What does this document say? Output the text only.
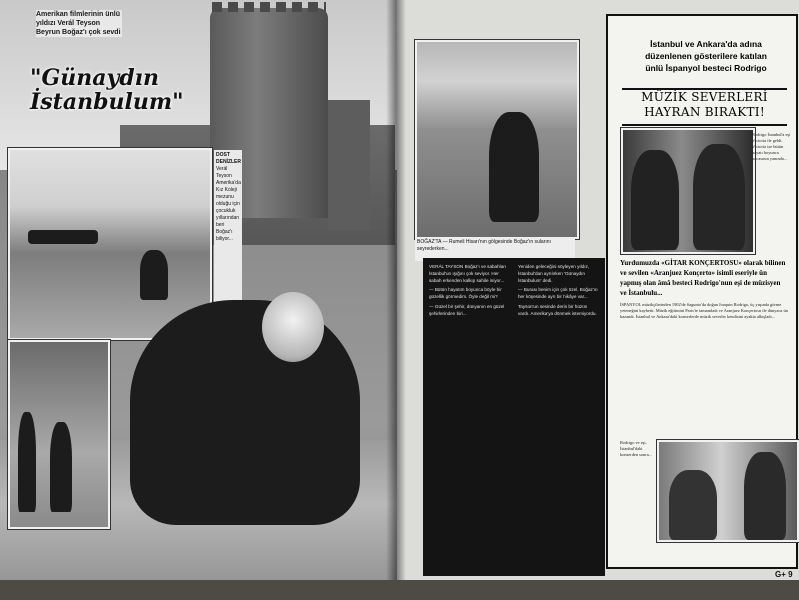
Amerikan filmlerinin ünlü yıldızı Verál Teyson Beyrun Boğaz'ı çok sevdi
"Günaydın
İstanbulum"
DOST DENİZLER
Verál Teyson Amerika'da Kız Koleji mezunu olduğu için çocukluk yıllarından beri Boğaz'ı biliyor...	BOĞAZ'TA — Rumeli Hisarı'nın gölgesinde Boğaz'ın sularını seyrederken...

VERÁL TAYSON Boğaz'ı ve sabahları İstanbul'un ışığını çok seviyor. Her sabah erkenden kalkıp sahile iniyor...

— Bütün hayatım boyunca böyle bir güzellik görmedim. Öyle değil mi?

— Güzel bir şehir, dünyanın en güzel şehirlerinden biri...

Yeniden geleceğini söyleyen yıldız, İstanbul'dan ayrılırken 'Günaydın İstanbulum' dedi.

— Burası benim için çok özel. Boğaz'ın her köşesinde ayrı bir hikâye var...

Tayson'un sesinde derin bir hüzün vardı. Amerika'ya dönmek istemiyordu.

İstanbul ve Ankara'da adına düzenlenen gösterilere katılan ünlü İspanyol besteci Rodrigo
MÜZİK SEVERLERİ
HAYRAN BIRAKTI!
Rodrigo İstanbul'a eşi Victoria ile geldi. Victoria ise bütün hayatı boyunca kocasının yanında...
Yurdumuzda «GİTAR KONÇERTOSU» olarak bilinen ve sevilen «Aranjuez Konçerto» isimli eseriyle ün yapmış olan âmâ besteci Rodrigo'nun eşi de müzisyen ve İstanbulu...
İSPANYOL müzikçilerinden 1902'de Sagunto'da doğan Joaquin Rodrigo, üç yaşında görme yeteneğini kaybetti. Müzik eğitimini Paris'te tamamladı ve Aranjuez Konçertosu ile dünyaca ün kazandı. İstanbul ve Ankara'daki konserlerde müzik severler kendisini ayakta alkışladı...
Rodrigo ve eşi, İstanbul'daki konserden sonra...
G+ 9
